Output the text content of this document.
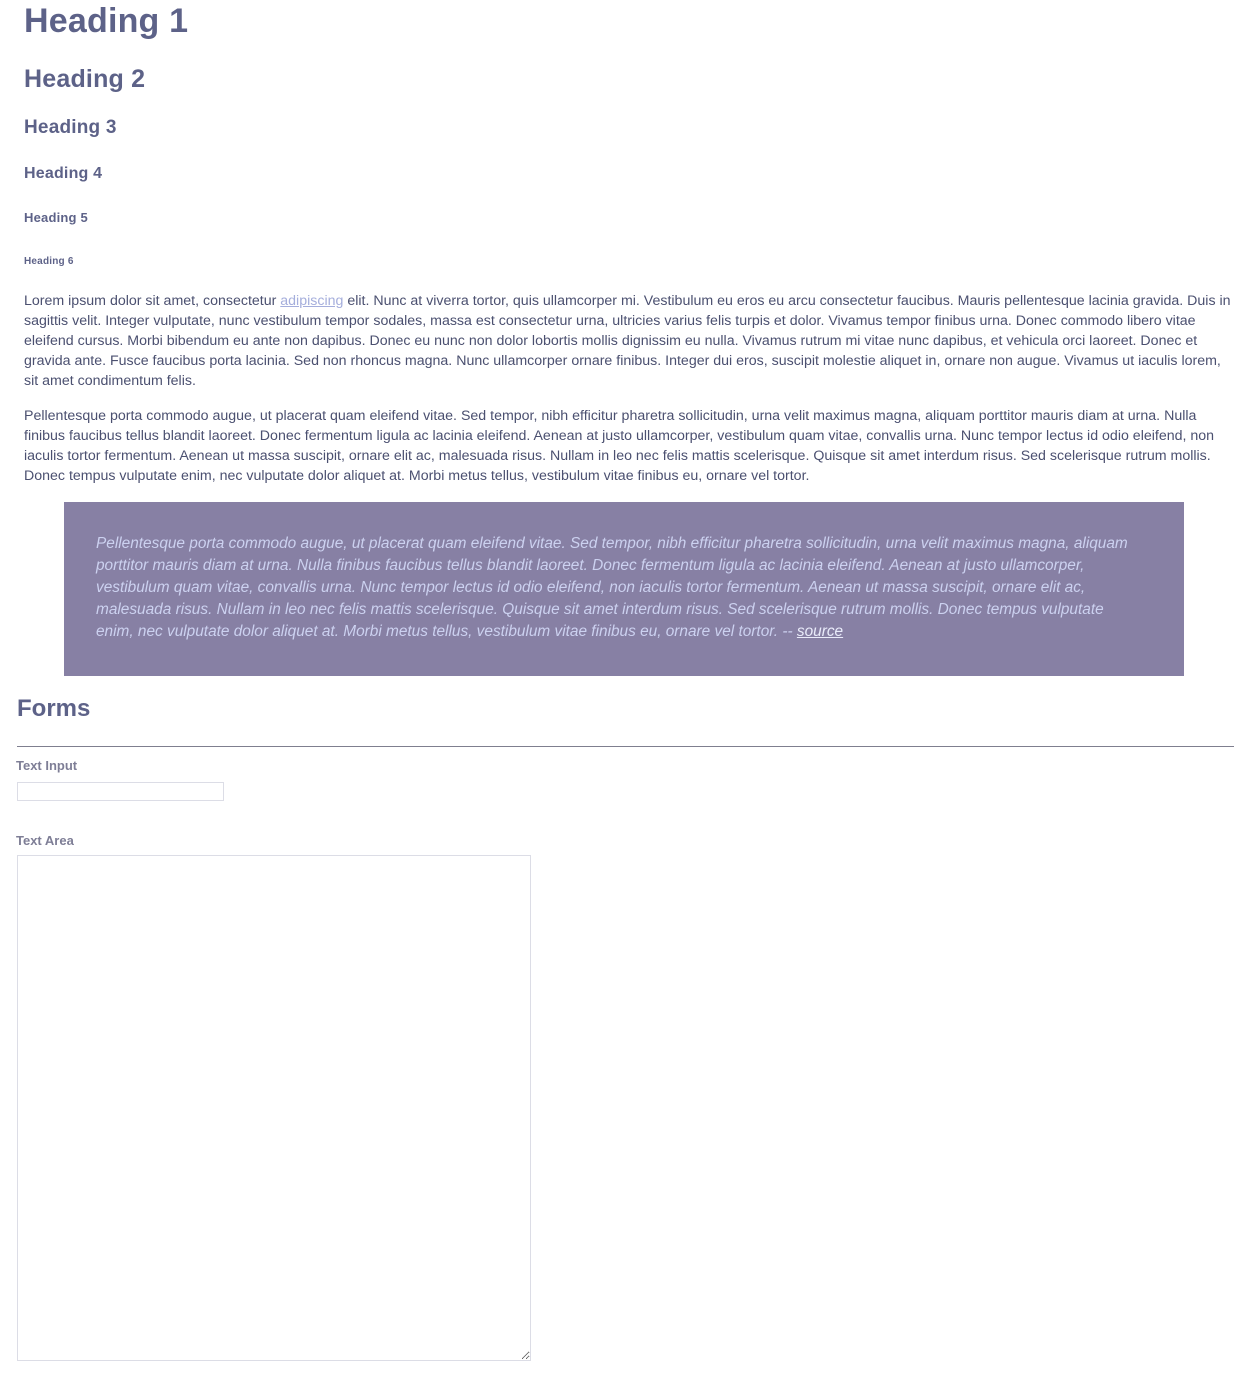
Heading 1
Heading 2
Heading 3
Heading 4
Heading 5
Heading 6

Lorem ipsum dolor sit amet, consectetur adipiscing elit. Nunc at viverra tortor, quis ullamcorper mi. Vestibulum eu eros eu arcu consectetur faucibus. Mauris pellentesque lacinia gravida. Duis in sagittis velit. Integer vulputate, nunc vestibulum tempor sodales, massa est consectetur urna, ultricies varius felis turpis et dolor. Vivamus tempor finibus urna. Donec commodo libero vitae eleifend cursus. Morbi bibendum eu ante non dapibus. Donec eu nunc non dolor lobortis mollis dignissim eu nulla. Vivamus rutrum mi vitae nunc dapibus, et vehicula orci laoreet. Donec et gravida ante. Fusce faucibus porta lacinia. Sed non rhoncus magna. Nunc ullamcorper ornare finibus. Integer dui eros, suscipit molestie aliquet in, ornare non augue. Vivamus ut iaculis lorem, sit amet condimentum felis.

Pellentesque porta commodo augue, ut placerat quam eleifend vitae. Sed tempor, nibh efficitur pharetra sollicitudin, urna velit maximus magna, aliquam porttitor mauris diam at urna. Nulla finibus faucibus tellus blandit laoreet. Donec fermentum ligula ac lacinia eleifend. Aenean at justo ullamcorper, vestibulum quam vitae, convallis urna. Nunc tempor lectus id odio eleifend, non iaculis tortor fermentum. Aenean ut massa suscipit, ornare elit ac, malesuada risus. Nullam in leo nec felis mattis scelerisque. Quisque sit amet interdum risus. Sed scelerisque rutrum mollis. Donec tempus vulputate enim, nec vulputate dolor aliquet at. Morbi metus tellus, vestibulum vitae finibus eu, ornare vel tortor.

Pellentesque porta commodo augue, ut placerat quam eleifend vitae. Sed tempor, nibh efficitur pharetra sollicitudin, urna velit maximus magna, aliquam porttitor mauris diam at urna. Nulla finibus faucibus tellus blandit laoreet. Donec fermentum ligula ac lacinia eleifend. Aenean at justo ullamcorper, vestibulum quam vitae, convallis urna. Nunc tempor lectus id odio eleifend, non iaculis tortor fermentum. Aenean ut massa suscipit, ornare elit ac, malesuada risus. Nullam in leo nec felis mattis scelerisque. Quisque sit amet interdum risus. Sed scelerisque rutrum mollis. Donec tempus vulputate enim, nec vulputate dolor aliquet at. Morbi metus tellus, vestibulum vitae finibus eu, ornare vel tortor. -- source

Forms
Text Input
Text Area
